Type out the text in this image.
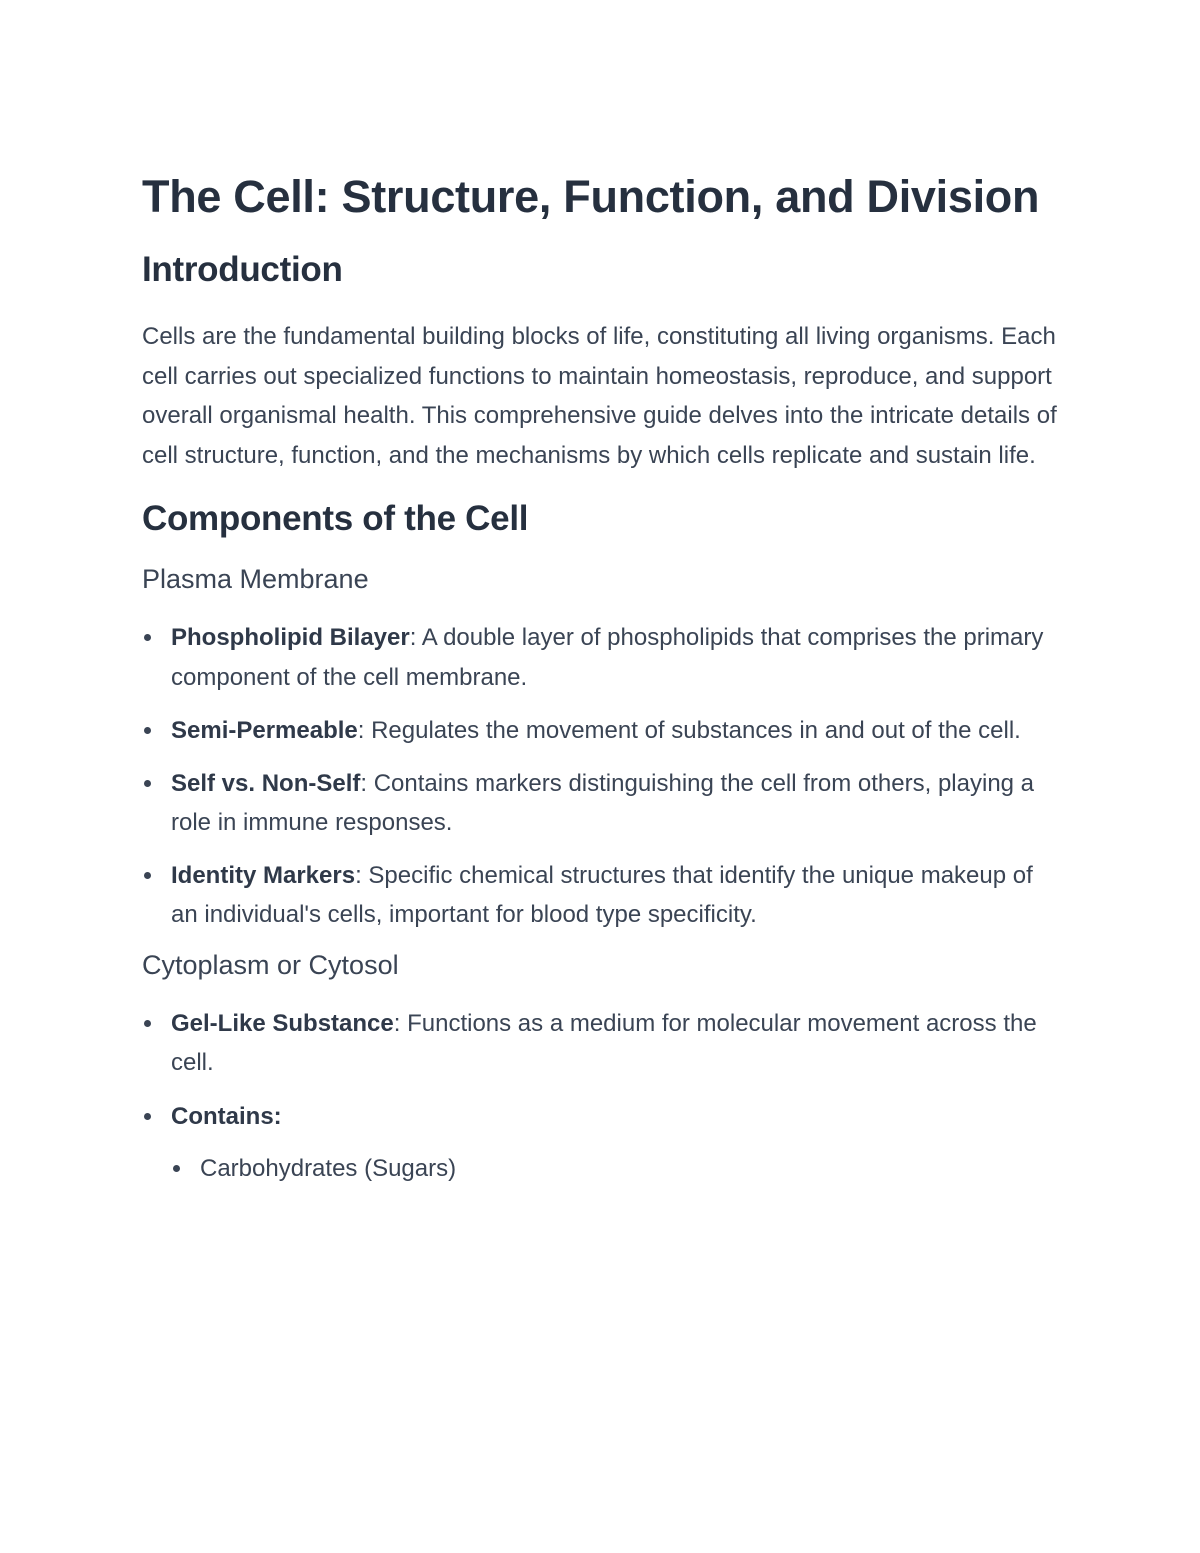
The Cell: Structure, Function, and Division
Introduction

Cells are the fundamental building blocks of life, constituting all living organisms. Each cell carries out specialized functions to maintain homeostasis, reproduce, and support overall organismal health. This comprehensive guide delves into the intricate details of cell structure, function, and the mechanisms by which cells replicate and sustain life.

Components of the Cell
Plasma Membrane
Phospholipid Bilayer: A double layer of phospholipids that comprises the primary component of the cell membrane.
Semi-Permeable: Regulates the movement of substances in and out of the cell.
Self vs. Non-Self: Contains markers distinguishing the cell from others, playing a role in immune responses.
Identity Markers: Specific chemical structures that identify the unique makeup of an individual's cells, important for blood type specificity.
Cytoplasm or Cytosol
Gel-Like Substance: Functions as a medium for molecular movement across the cell.
Contains:
Carbohydrates (Sugars)
